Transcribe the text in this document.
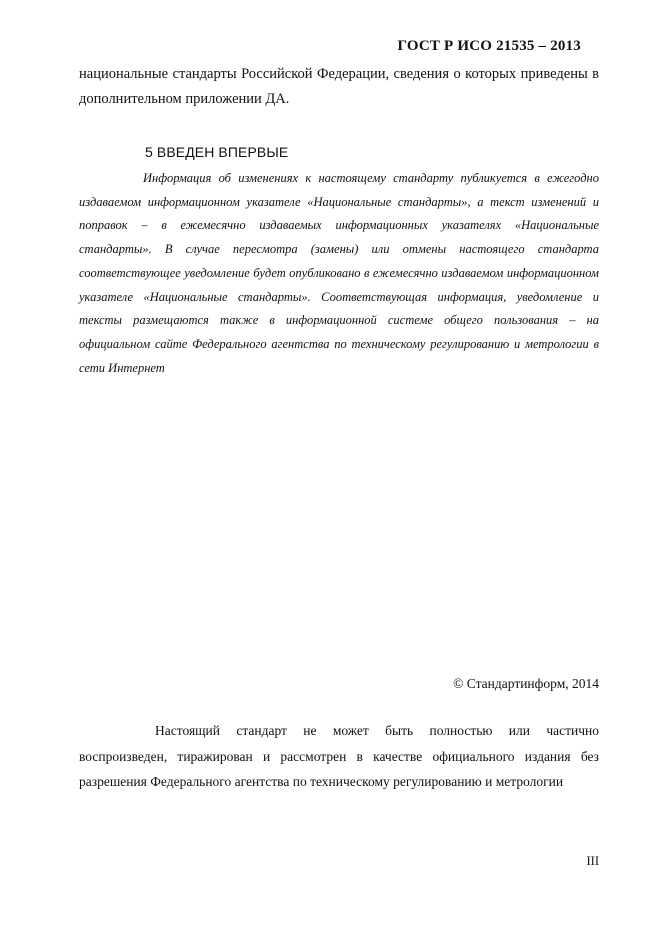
ГОСТ Р ИСО 21535 – 2013
национальные стандарты Российской Федерации, сведения о которых приведены в дополнительном приложении ДА.
5 ВВЕДЕН ВПЕРВЫЕ
Информация об изменениях к настоящему стандарту публикуется в ежегодно издаваемом информационном указателе «Национальные стандарты», а текст изменений и поправок – в ежемесячно издаваемых информационных указателях «Национальные стандарты». В случае пересмотра (замены) или отмены настоящего стандарта соответствующее уведомление будет опубликовано в ежемесячно издаваемом информационном указателе «Национальные стандарты». Соответствующая информация, уведомление и тексты размещаются также в информационной системе общего пользования – на официальном сайте Федерального агентства по техническому регулированию и метрологии в сети Интернет
© Стандартинформ, 2014
Настоящий стандарт не может быть полностью или частично воспроизведен, тиражирован и рассмотрен в качестве официального издания без разрешения Федерального агентства по техническому регулированию и метрологии
III
